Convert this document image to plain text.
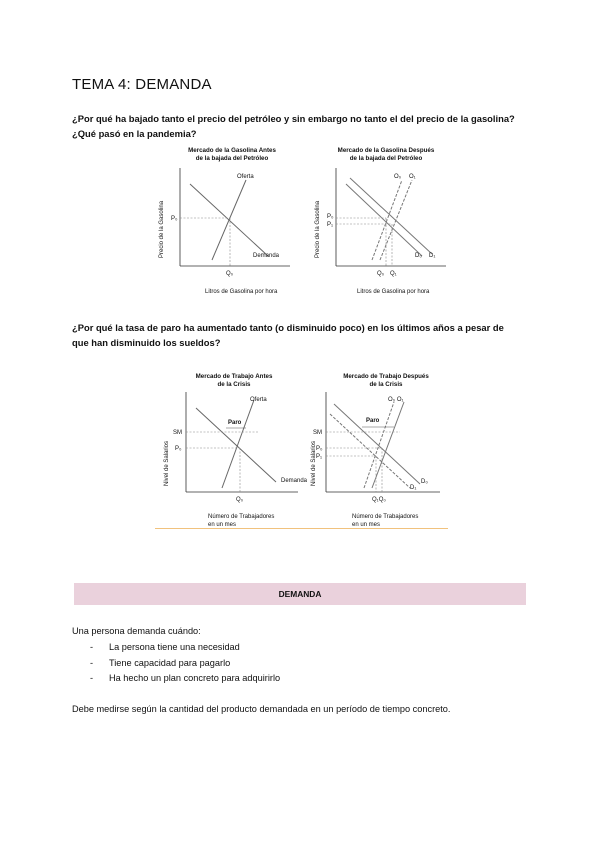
TEMA 4: DEMANDA
¿Por qué ha bajado tanto el precio del petróleo y sin embargo no tanto el del precio de la gasolina?
¿Qué pasó en la pandemia?
Mercado de la Gasolina Antes
de la bajada del Petróleo
Precio de la Gasolina
Oferta
Demanda
P₀
Q₀
Litros de Gasolina por hora
Mercado de la Gasolina Después
de la bajada del Petróleo
Precio de la Gasolina
O₀ O₁
D₀ D₁
P₀
P₁
Q₀ Q₁
Litros de Gasolina por hora
¿Por qué la tasa de paro ha aumentado tanto (o disminuido poco) en los últimos años a pesar de
que han disminuido los sueldos?
Mercado de Trabajo Antes
de la Crisis
Nivel de Salarios
Oferta
Demanda
SM
P₀
Paro
Q₀
Número de Trabajadores
en un mes
Mercado de Trabajo Después
de la Crisis
Nivel de Salarios
O₀ O₁
D₀
D₁
SM
P₀
P₁
Paro
Q₁Q₀
Número de Trabajadores
en un mes
DEMANDA
Una persona demanda cuándo:
- La persona tiene una necesidad
- Tiene capacidad para pagarlo
- Ha hecho un plan concreto para adquirirlo
Debe medirse según la cantidad del producto demandada en un período de tiempo concreto.
